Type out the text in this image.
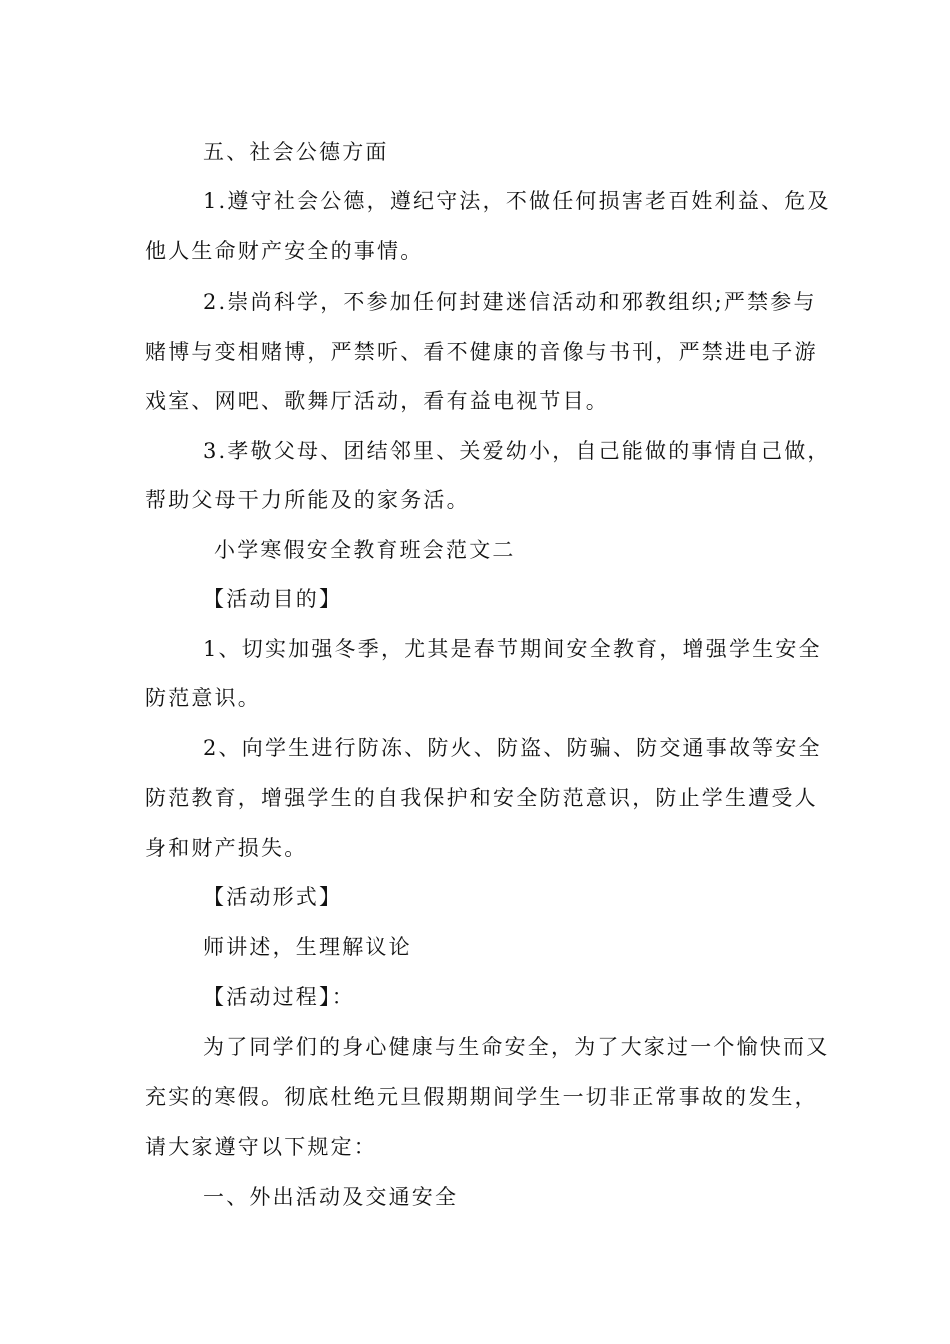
五、社会公德方面
1.遵守社会公德，遵纪守法，不做任何损害老百姓利益、危及
他人生命财产安全的事情。
2.崇尚科学，不参加任何封建迷信活动和邪教组织;严禁参与
赌博与变相赌博，严禁听、看不健康的音像与书刊，严禁进电子游
戏室、网吧、歌舞厅活动，看有益电视节目。
3.孝敬父母、团结邻里、关爱幼小，自己能做的事情自己做，
帮助父母干力所能及的家务活。
小学寒假安全教育班会范文二
【活动目的】
1、切实加强冬季，尤其是春节期间安全教育，增强学生安全
防范意识。
2、向学生进行防冻、防火、防盗、防骗、防交通事故等安全
防范教育，增强学生的自我保护和安全防范意识，防止学生遭受人
身和财产损失。
【活动形式】
师讲述，生理解议论
【活动过程】：
为了同学们的身心健康与生命安全，为了大家过一个愉快而又
充实的寒假。彻底杜绝元旦假期期间学生一切非正常事故的发生，
请大家遵守以下规定：
一、外出活动及交通安全
